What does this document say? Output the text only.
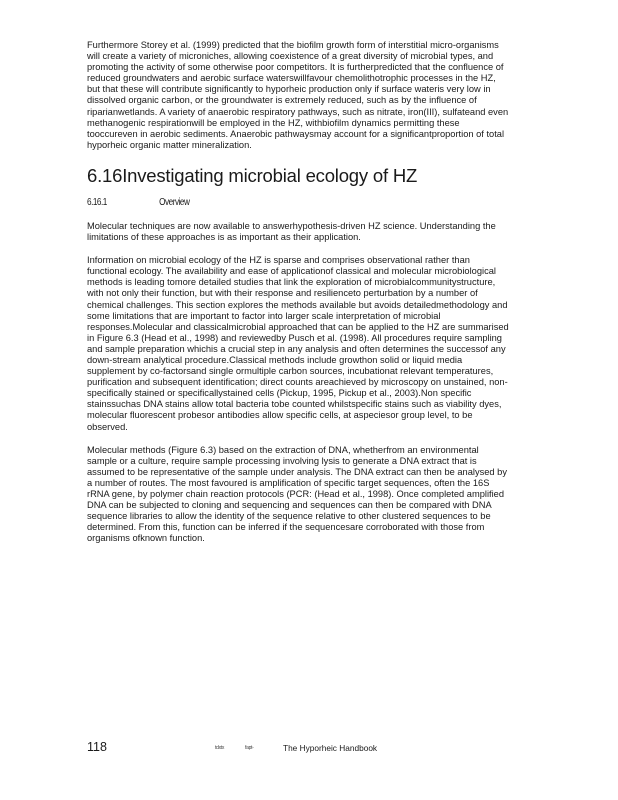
Furthermore Storey et al. (1999) predicted that the biofilm growth form of interstitial micro-organisms will create a variety of microniches, allowing coexistence of a great diversity of microbial types, and promoting the activity of some otherwise poor competitors. It is furtherpredicted that the confluence of reduced groundwaters and aerobic surface waterswillfavour chemolithotrophic processes in the HZ, but that these will contribute significantly to hyporheic production only if surface wateris very low in dissolved organic carbon, or the groundwater is extremely reduced, such as by the influence of riparianwetlands. A variety of anaerobic respiratory pathways, such as nitrate, iron(III), sulfateand even methanogenic respirationwill be employed in the HZ, withbiofilm dynamics permitting these tooccureven in aerobic sediments. Anaerobic pathwaysmay account for a significantproportion of total hyporheic organic matter mineralization.

6.16Investigating microbial ecology of HZ
6.16.1	Overview

Molecular techniques are now available to answerhypothesis-driven HZ science. Understanding the limitations of these approaches is as important as their application.

Information on microbial ecology of the HZ is sparse and comprises observational rather than functional ecology. The availability and ease of applicationof classical and molecular microbiological methods is leading tomore detailed studies that link the exploration of microbialcommunitystructure, with not only their function, but with their response and resilienceto perturbation by a number of chemical challenges. This section explores the methods available but avoids detailedmethodology and some limitations that are important to factor into larger scale interpretation of microbial responses.Molecular and classicalmicrobial approached that can be applied to the HZ are summarised in Figure 6.3 (Head et al., 1998) and reviewedby Pusch et al. (1998). All procedures require sampling and sample preparation whichis a crucial step in any analysis and often determines the successof any down-stream analytical procedure.Classical methods include growthon solid or liquid media supplement by co-factorsand single ormultiple carbon sources, incubationat relevant temperatures, purification and subsequent identification; direct counts areachieved by microscopy on unstained, non-specifically stained or specificallystained cells (Pickup, 1995, Pickup et al., 2003).Non specific stainssuchas DNA stains allow total bacteria tobe counted whilstspecific stains such as viability dyes, molecular fluorescent probesor antibodies allow specific cells, at aspeciesor group level, to be observed.

Molecular methods (Figure 6.3) based on the extraction of DNA, whetherfrom an environmental sample or a culture, require sample processing involving lysis to generate a DNA extract that is assumed to be representative of the sample under analysis. The DNA extract can then be analysed by a number of routes. The most favoured is amplification of specific target sequences, often the 16S rRNA gene, by polymer chain reaction protocols (PCR: (Head et al., 1998). Once completed amplified DNA can be subjected to cloning and sequencing and sequences can then be compared with DNA sequence libraries to allow the identity of the sequence relative to other clustered sequences to be determined. From this, function can be inferred if the sequencesare corroborated with those from organisms ofknown function.

118	tdxtx	fapt-	The Hyporheic Handbook
